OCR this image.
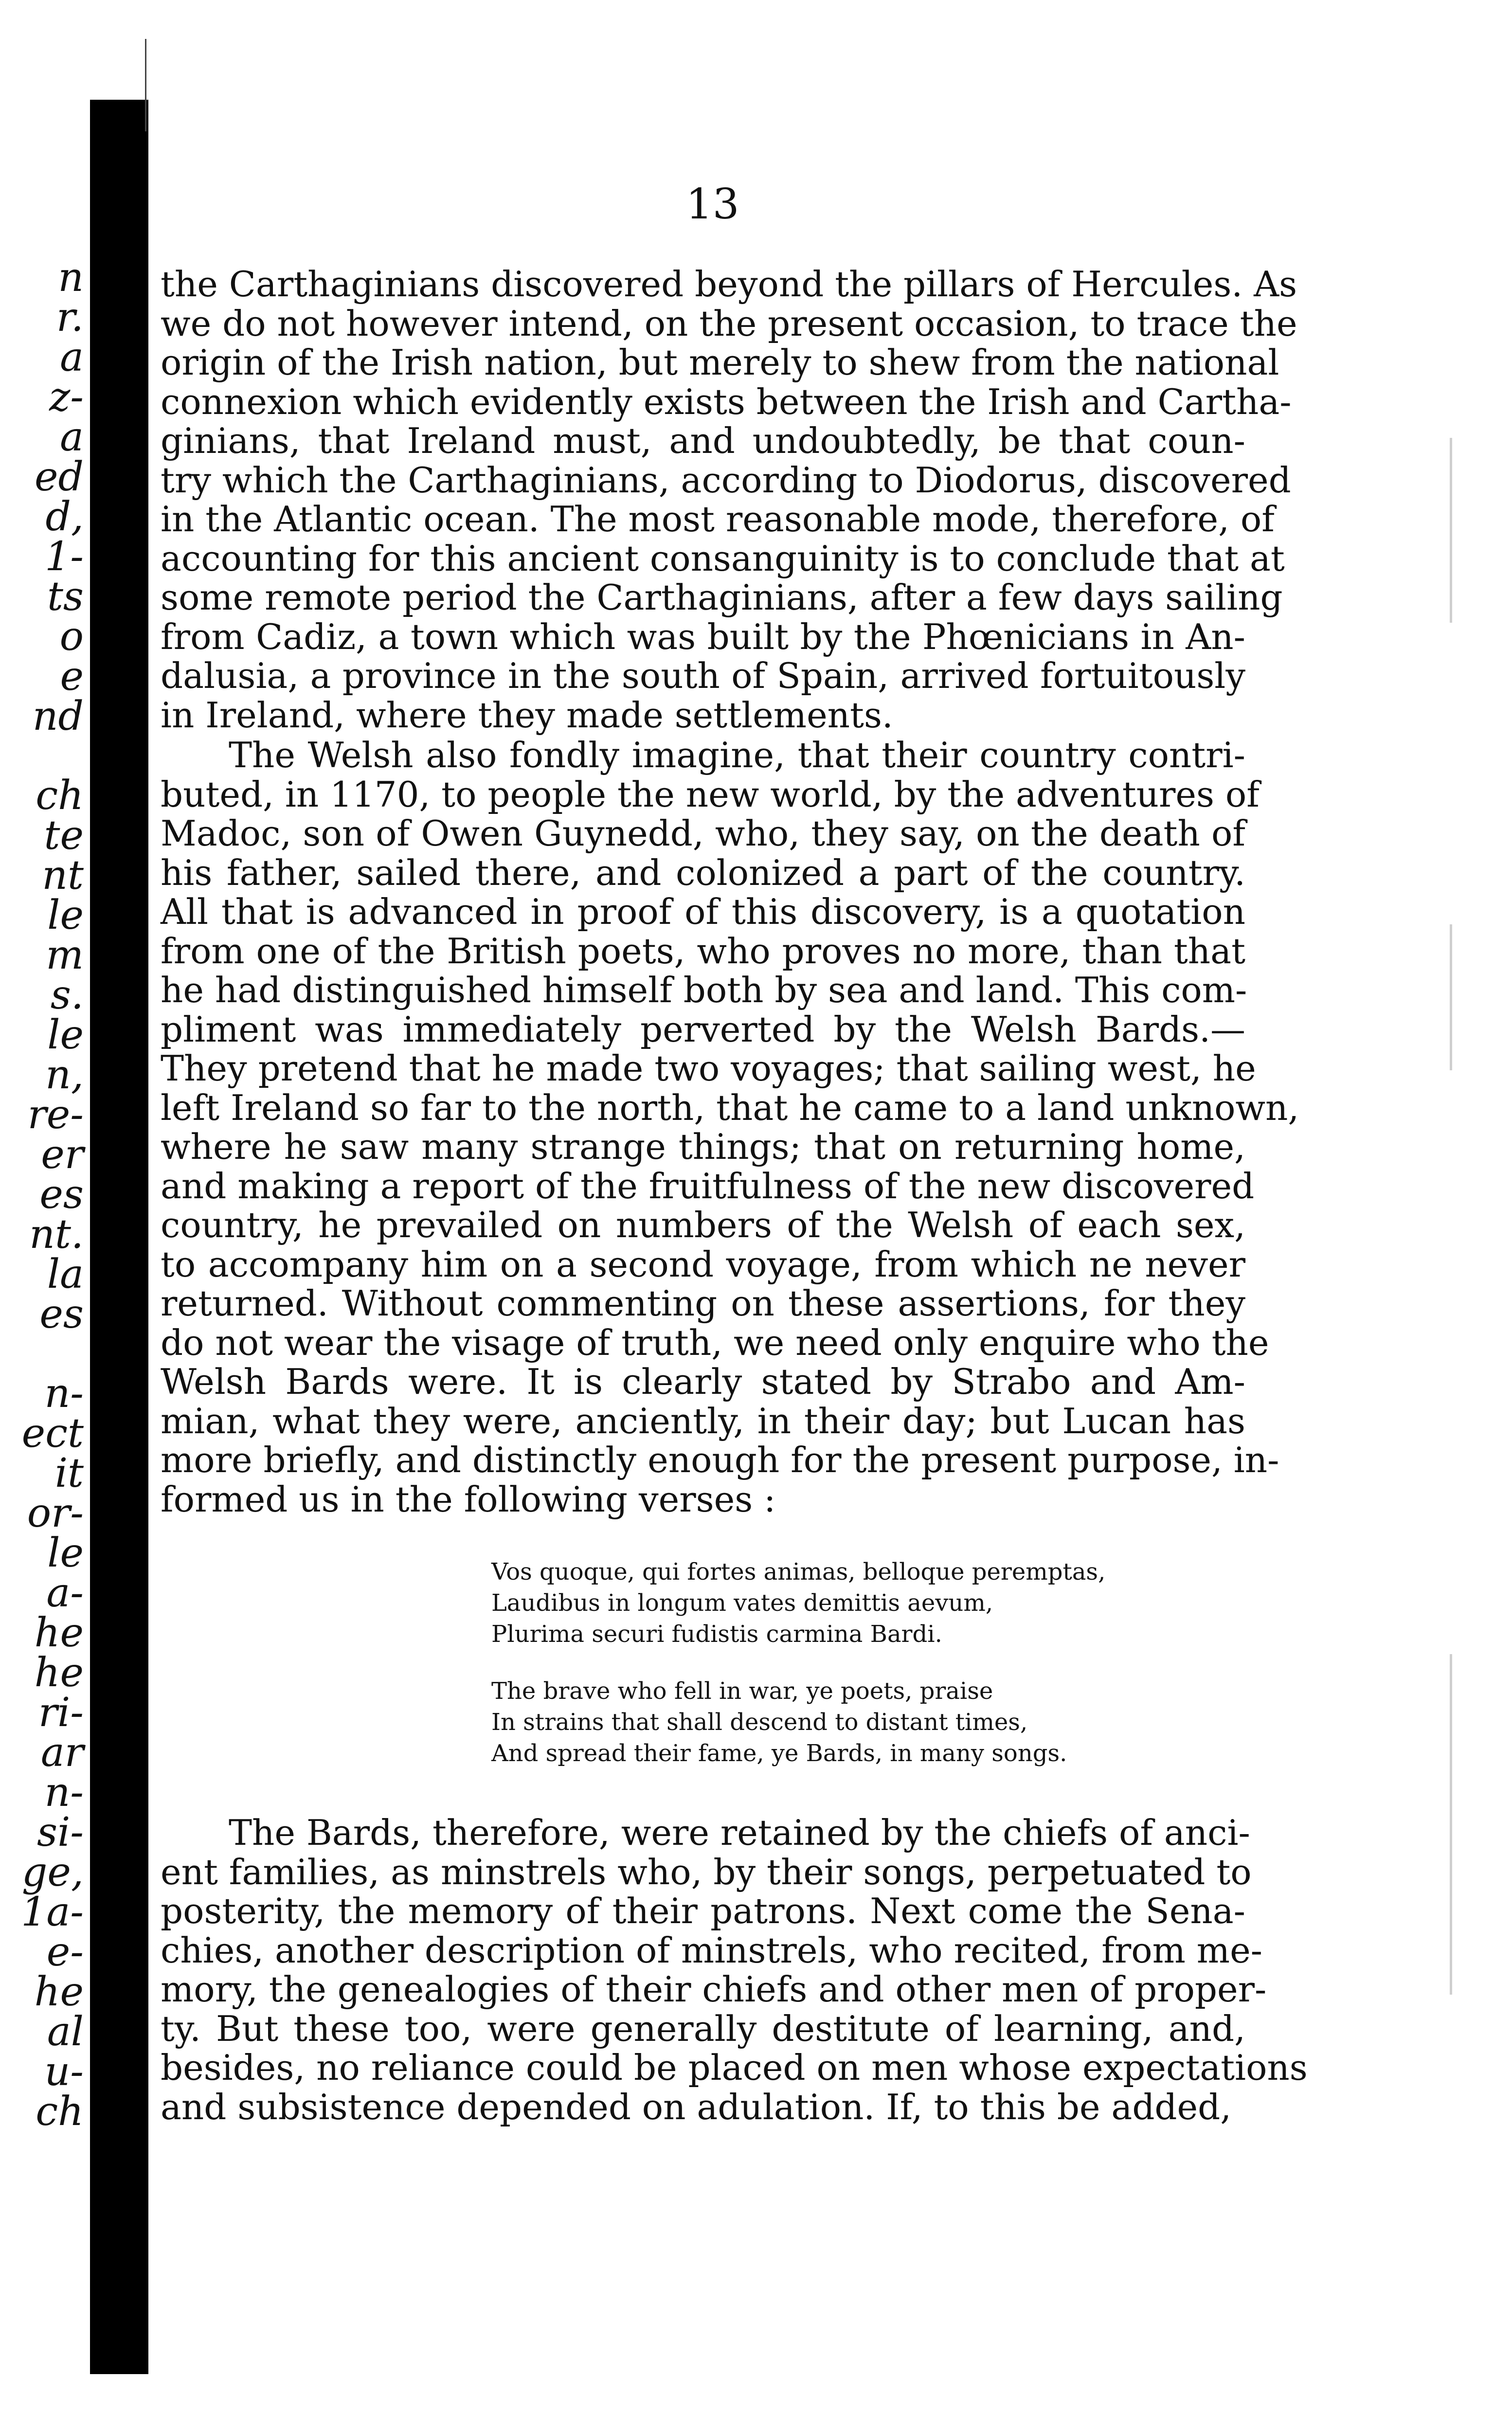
n
r.
a
z-
a
ed
d,
1-
ts
o
e
nd
ch
te
nt
le
m
s.
le
n,
re-
er
es
nt.
la
es
n-
ect
it
or-
le
a-
he
he
ri-
ar
n-
si-
ge,
1a-
e-
he
al
u-
ch
13
the Carthaginians discovered beyond the pillars of Hercules. As
we do not however intend, on the present occasion, to trace the
origin of the Irish nation, but merely to shew from the national
connexion which evidently exists between the Irish and Cartha-
ginians, that Ireland must, and undoubtedly, be that coun-
try which the Carthaginians, according to Diodorus, discovered
in the Atlantic ocean. The most reasonable mode, therefore, of
accounting for this ancient consanguinity is to conclude that at
some remote period the Carthaginians, after a few days sailing
from Cadiz, a town which was built by the Phœnicians in An-
dalusia, a province in the south of Spain, arrived fortuitously
in Ireland, where they made settlements.
The Welsh also fondly imagine, that their country contri-
buted, in 1170, to people the new world, by the adventures of
Madoc, son of Owen Guynedd, who, they say, on the death of
his father, sailed there, and colonized a part of the country.
All that is advanced in proof of this discovery, is a quotation
from one of the British poets, who proves no more, than that
he had distinguished himself both by sea and land. This com-
pliment was immediately perverted by the Welsh Bards.—
They pretend that he made two voyages; that sailing west, he
left Ireland so far to the north, that he came to a land unknown,
where he saw many strange things; that on returning home,
and making a report of the fruitfulness of the new discovered
country, he prevailed on numbers of the Welsh of each sex,
to accompany him on a second voyage, from which ne never
returned. Without commenting on these assertions, for they
do not wear the visage of truth, we need only enquire who the
Welsh Bards were. It is clearly stated by Strabo and Am-
mian, what they were, anciently, in their day; but Lucan has
more briefly, and distinctly enough for the present purpose, in-
formed us in the following verses :
The Bards, therefore, were retained by the chiefs of anci-
ent families, as minstrels who, by their songs, perpetuated to
posterity, the memory of their patrons. Next come the Sena-
chies, another description of minstrels, who recited, from me-
mory, the genealogies of their chiefs and other men of proper-
ty. But these too, were generally destitute of learning, and,
besides, no reliance could be placed on men whose expectations
and subsistence depended on adulation. If, to this be added,
Vos quoque, qui fortes animas, belloque peremptas,
Laudibus in longum vates demittis aevum,
Plurima securi fudistis carmina Bardi.
The brave who fell in war, ye poets, praise
In strains that shall descend to distant times,
And spread their fame, ye Bards, in many songs.
